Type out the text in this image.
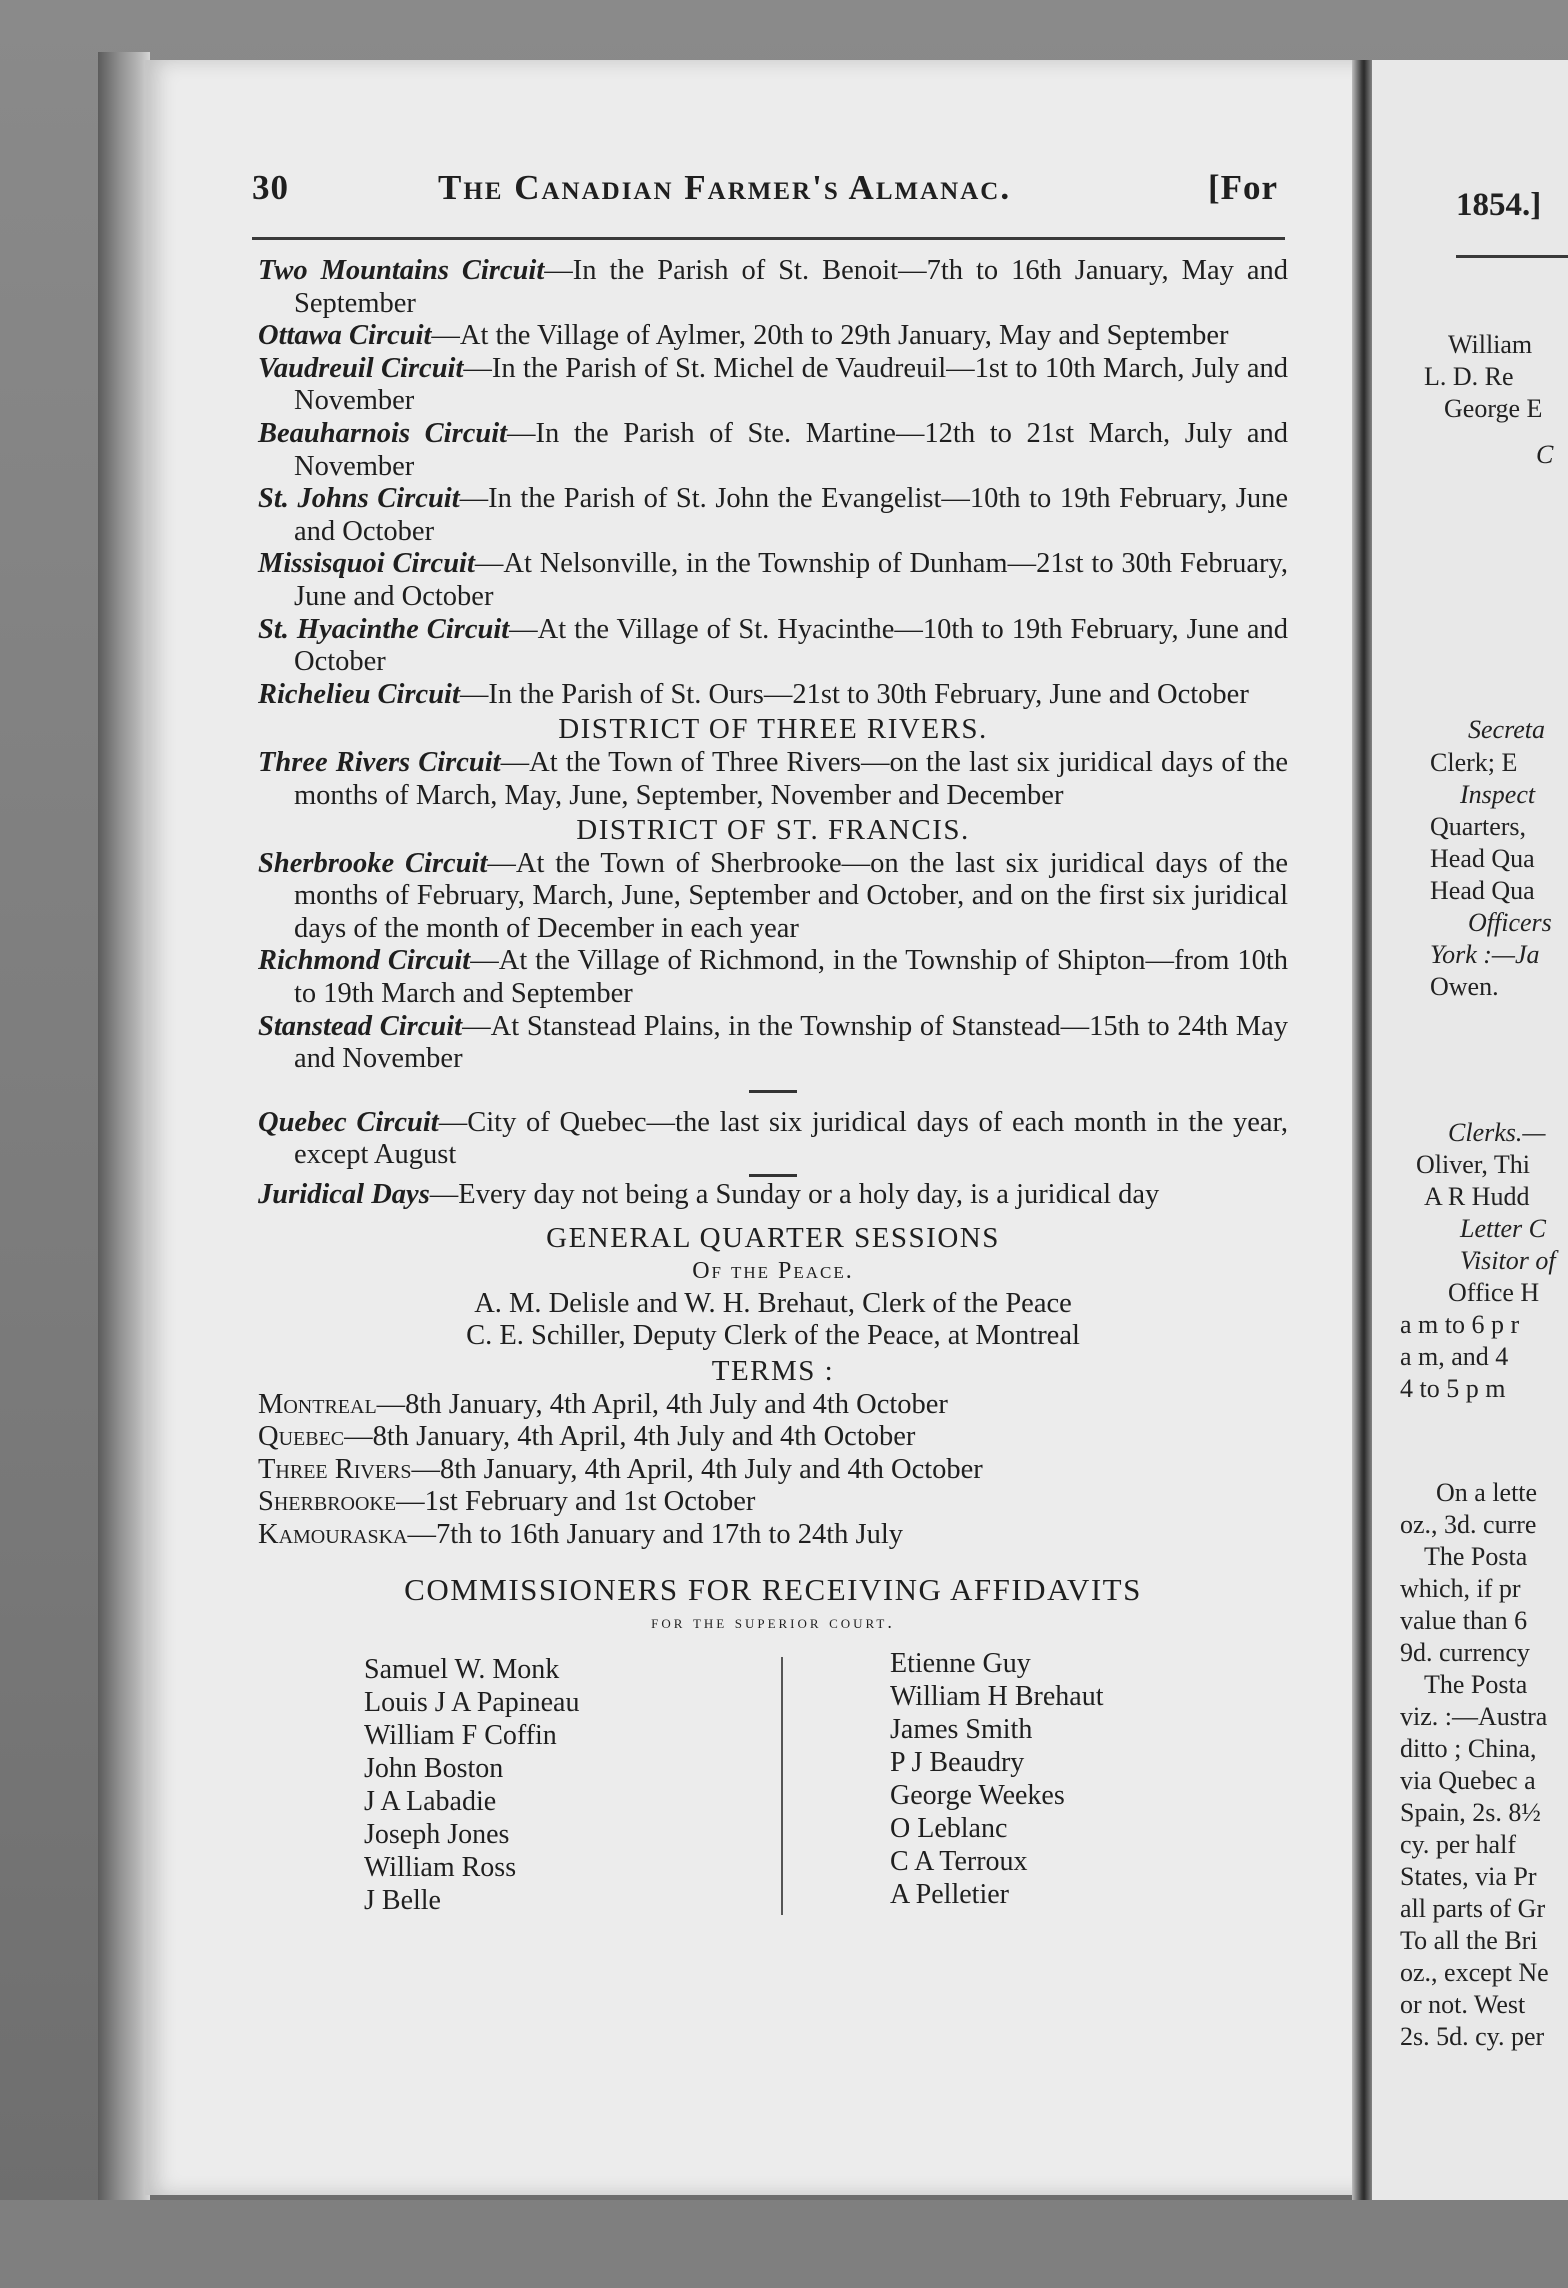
30	The Canadian Farmer's Almanac.	[For

Two Mountains Circuit—In the Parish of St. Benoit—7th to 16th January, May and September

Ottawa Circuit—At the Village of Aylmer, 20th to 29th January, May and September

Vaudreuil Circuit—In the Parish of St. Michel de Vaudreuil—1st to 10th March, July and November

Beauharnois Circuit—In the Parish of Ste. Martine—12th to 21st March, July and November

St. Johns Circuit—In the Parish of St. John the Evangelist—10th to 19th February, June and October

Missisquoi Circuit—At Nelsonville, in the Township of Dunham—21st to 30th February, June and October

St. Hyacinthe Circuit—At the Village of St. Hyacinthe—10th to 19th February, June and October

Richelieu Circuit—In the Parish of St. Ours—21st to 30th February, June and October

DISTRICT OF THREE RIVERS.

Three Rivers Circuit—At the Town of Three Rivers—on the last six juridical days of the months of March, May, June, September, November and December

DISTRICT OF ST. FRANCIS.

Sherbrooke Circuit—At the Town of Sherbrooke—on the last six juridical days of the months of February, March, June, September and October, and on the first six juridical days of the month of December in each year

Richmond Circuit—At the Village of Richmond, in the Township of Shipton—from 10th to 19th March and September

Stanstead Circuit—At Stanstead Plains, in the Township of Stanstead—15th to 24th May and November

Quebec Circuit—City of Quebec—the last six juridical days of each month in the year, except August

Juridical Days—Every day not being a Sunday or a holy day, is a juridical day

GENERAL QUARTER SESSIONS
Of the Peace.
A. M. Delisle and W. H. Brehaut, Clerk of the Peace
C. E. Schiller, Deputy Clerk of the Peace, at Montreal
TERMS :

Montreal—8th January, 4th April, 4th July and 4th October

Quebec—8th January, 4th April, 4th July and 4th October

Three Rivers—8th January, 4th April, 4th July and 4th October

Sherbrooke—1st February and 1st October

Kamouraska—7th to 16th January and 17th to 24th July

COMMISSIONERS FOR RECEIVING AFFIDAVITS
for the superior court.

Samuel W. Monk

Louis J A Papineau

William F Coffin

John Boston

J A Labadie

Joseph Jones

William Ross

J Belle

Etienne Guy

William H Brehaut

James Smith

P J Beaudry

George Weekes

O Leblanc

C A Terroux

A Pelletier

1854.]
William
L. D. Re
George E
C
Secreta
Clerk; E
Inspect
Quarters,
Head Qua
Head Qua
Officers
York :—Ja
Owen.
Clerks.—
Oliver, Thi
A R Hudd
Letter C
Visitor of
Office H
a m to 6 p r
a m, and 4
4 to 5 p m
On a lette
oz., 3d. curre
The Posta
which, if pr
value than 6
9d. currency
The Posta
viz. :—Austra
ditto ; China,
via Quebec a
Spain, 2s. 8½
cy. per half
States, via Pr
all parts of Gr
To all the Bri
oz., except Ne
or not. West
2s. 5d. cy. per
